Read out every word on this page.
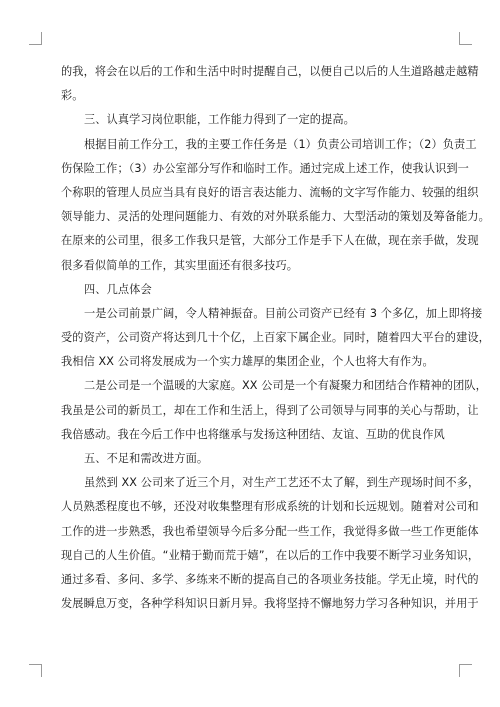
的我，将会在以后的工作和生活中时时提醒自己，以便自己以后的人生道路越走越精
彩。
三、认真学习岗位职能，工作能力得到了一定的提高。
根据目前工作分工，我的主要工作任务是（1）负责公司培训工作；（2）负责工
伤保险工作；（3）办公室部分写作和临时工作。通过完成上述工作，使我认识到一
个称职的管理人员应当具有良好的语言表达能力、流畅的文字写作能力、较强的组织
领导能力、灵活的处理问题能力、有效的对外联系能力、大型活动的策划及筹备能力。
在原来的公司里，很多工作我只是管，大部分工作是手下人在做，现在亲手做，发现
很多看似简单的工作，其实里面还有很多技巧。
四、几点体会
一是公司前景广阔，令人精神振奋。目前公司资产已经有 3 个多亿，加上即将接
受的资产，公司资产将达到几十个亿，上百家下属企业。同时，随着四大平台的建设，
我相信 XX 公司将发展成为一个实力雄厚的集团企业，个人也将大有作为。
二是公司是一个温暖的大家庭。XX 公司是一个有凝聚力和团结合作精神的团队，
我虽是公司的新员工，却在工作和生活上，得到了公司领导与同事的关心与帮助，让
我倍感动。我在今后工作中也将继承与发扬这种团结、友谊、互助的优良作风
五、不足和需改进方面。
虽然到 XX 公司来了近三个月，对生产工艺还不太了解，到生产现场时间不多，
人员熟悉程度也不够，还没对收集整理有形成系统的计划和长远规划。随着对公司和
工作的进一步熟悉，我也希望领导今后多分配一些工作，我觉得多做一些工作更能体
现自己的人生价值。“业精于勤而荒于嬉”，在以后的工作中我要不断学习业务知识，
通过多看、多问、多学、多练来不断的提高自己的各项业务技能。学无止境，时代的
发展瞬息万变，各种学科知识日新月异。我将坚持不懈地努力学习各种知识，并用于
